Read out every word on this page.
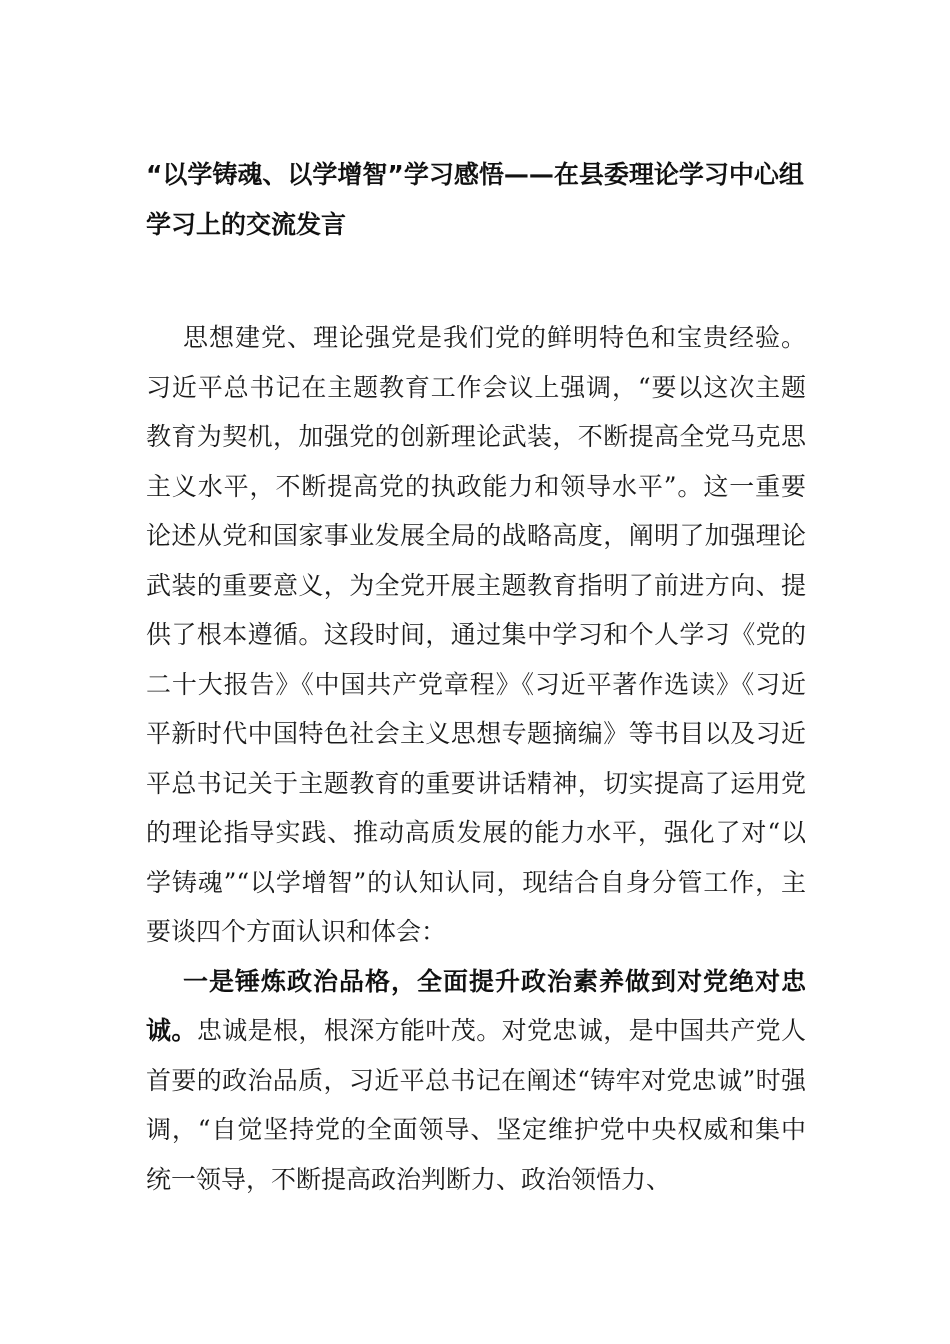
“以学铸魂、以学增智”学习感悟——在县委理论学习中心组学习上的交流发言

思想建党、理论强党是我们党的鲜明特色和宝贵经验。习近平总书记在主题教育工作会议上强调，“要以这次主题教育为契机，加强党的创新理论武装，不断提高全党马克思主义水平，不断提高党的执政能力和领导水平”。这一重要论述从党和国家事业发展全局的战略高度，阐明了加强理论武装的重要意义，为全党开展主题教育指明了前进方向、提供了根本遵循。这段时间，通过集中学习和个人学习《党的二十大报告》《中国共产党章程》《习近平著作选读》《习近平新时代中国特色社会主义思想专题摘编》等书目以及习近平总书记关于主题教育的重要讲话精神，切实提高了运用党的理论指导实践、推动高质发展的能力水平，强化了对“以学铸魂”“以学增智”的认知认同，现结合自身分管工作，主要谈四个方面认识和体会：

一是锤炼政治品格，全面提升政治素养做到对党绝对忠诚。忠诚是根，根深方能叶茂。对党忠诚，是中国共产党人首要的政治品质，习近平总书记在阐述“铸牢对党忠诚”时强调，“自觉坚持党的全面领导、坚定维护党中央权威和集中统一领导，不断提高政治判断力、政治领悟力、
